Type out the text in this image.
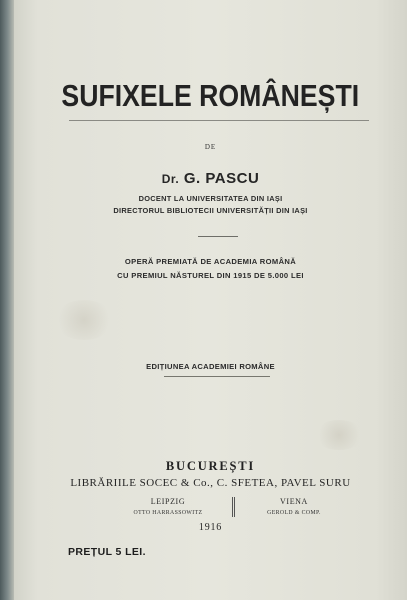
SUFIXELE ROMÂNEȘTI
DE
Dr. G. PASCU
DOCENT LA UNIVERSITATEA DIN IAȘI
DIRECTORUL BIBLIOTECII UNIVERSITĂȚII DIN IAȘI
OPERĂ PREMIATĂ DE ACADEMIA ROMÂNĂ
CU PREMIUL NĂSTUREL DIN 1915 DE 5.000 LEI
EDIȚIUNEA ACADEMIEI ROMÂNE
BUCUREȘTI
LIBRĂRIILE SOCEC & Co., C. SFETEA, PAVEL SURU
LEIPZIG
OTTO HARRASSOWITZ
VIENA
GEROLD & COMP.
1916
PREȚUL 5 LEI.
